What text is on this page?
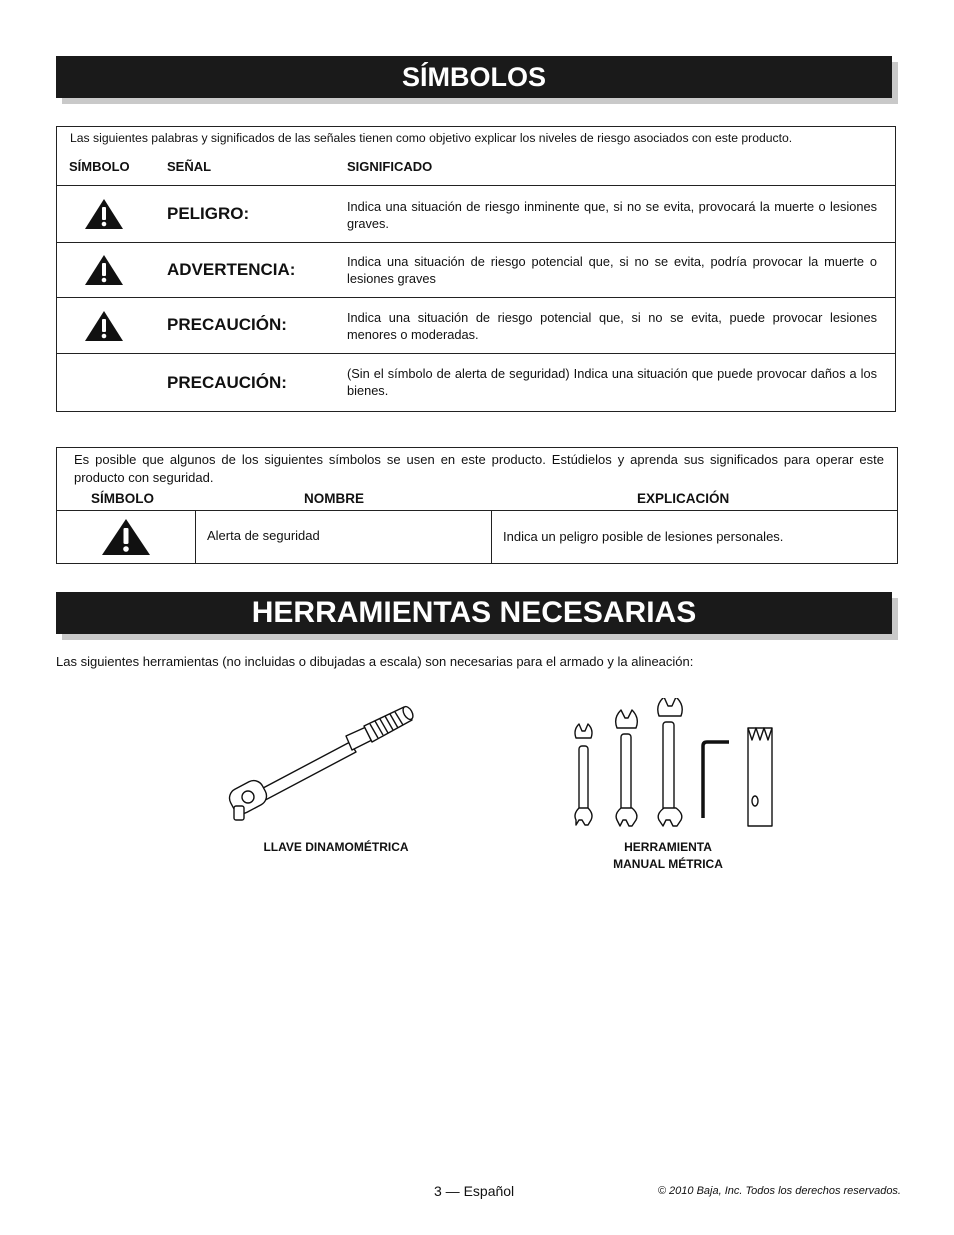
SÍMBOLOS
Las siguientes palabras y significados de las señales tienen como objetivo explicar los niveles de riesgo asociados con este producto.
SÍMBOLO	SEÑAL	SIGNIFICADO
PELIGRO:	Indica una situación de riesgo inminente que, si no se evita, provocará la muerte o lesiones graves.
ADVERTENCIA:	Indica una situación de riesgo potencial que, si no se evita, podría provocar la muerte o lesiones graves
PRECAUCIÓN:	Indica una situación de riesgo potencial que, si no se evita, puede provocar lesiones menores o moderadas.
PRECAUCIÓN:	(Sin el símbolo de alerta de seguridad) Indica una situación que puede provocar daños a los bienes.
Es posible que algunos de los siguientes símbolos se usen en este producto. Estúdielos y aprenda sus significados para operar este producto con seguridad.
SÍMBOLO	NOMBRE	EXPLICACIÓN
Alerta de seguridad	Indica un peligro posible de lesiones personales.
HERRAMIENTAS NECESARIAS
Las siguientes herramientas (no incluidas o dibujadas a escala) son necesarias para el armado y la alineación:
LLAVE DINAMOMÉTRICA	HERRAMIENTA
MANUAL MÉTRICA
3 — Español	© 2010 Baja, Inc. Todos los derechos reservados.
